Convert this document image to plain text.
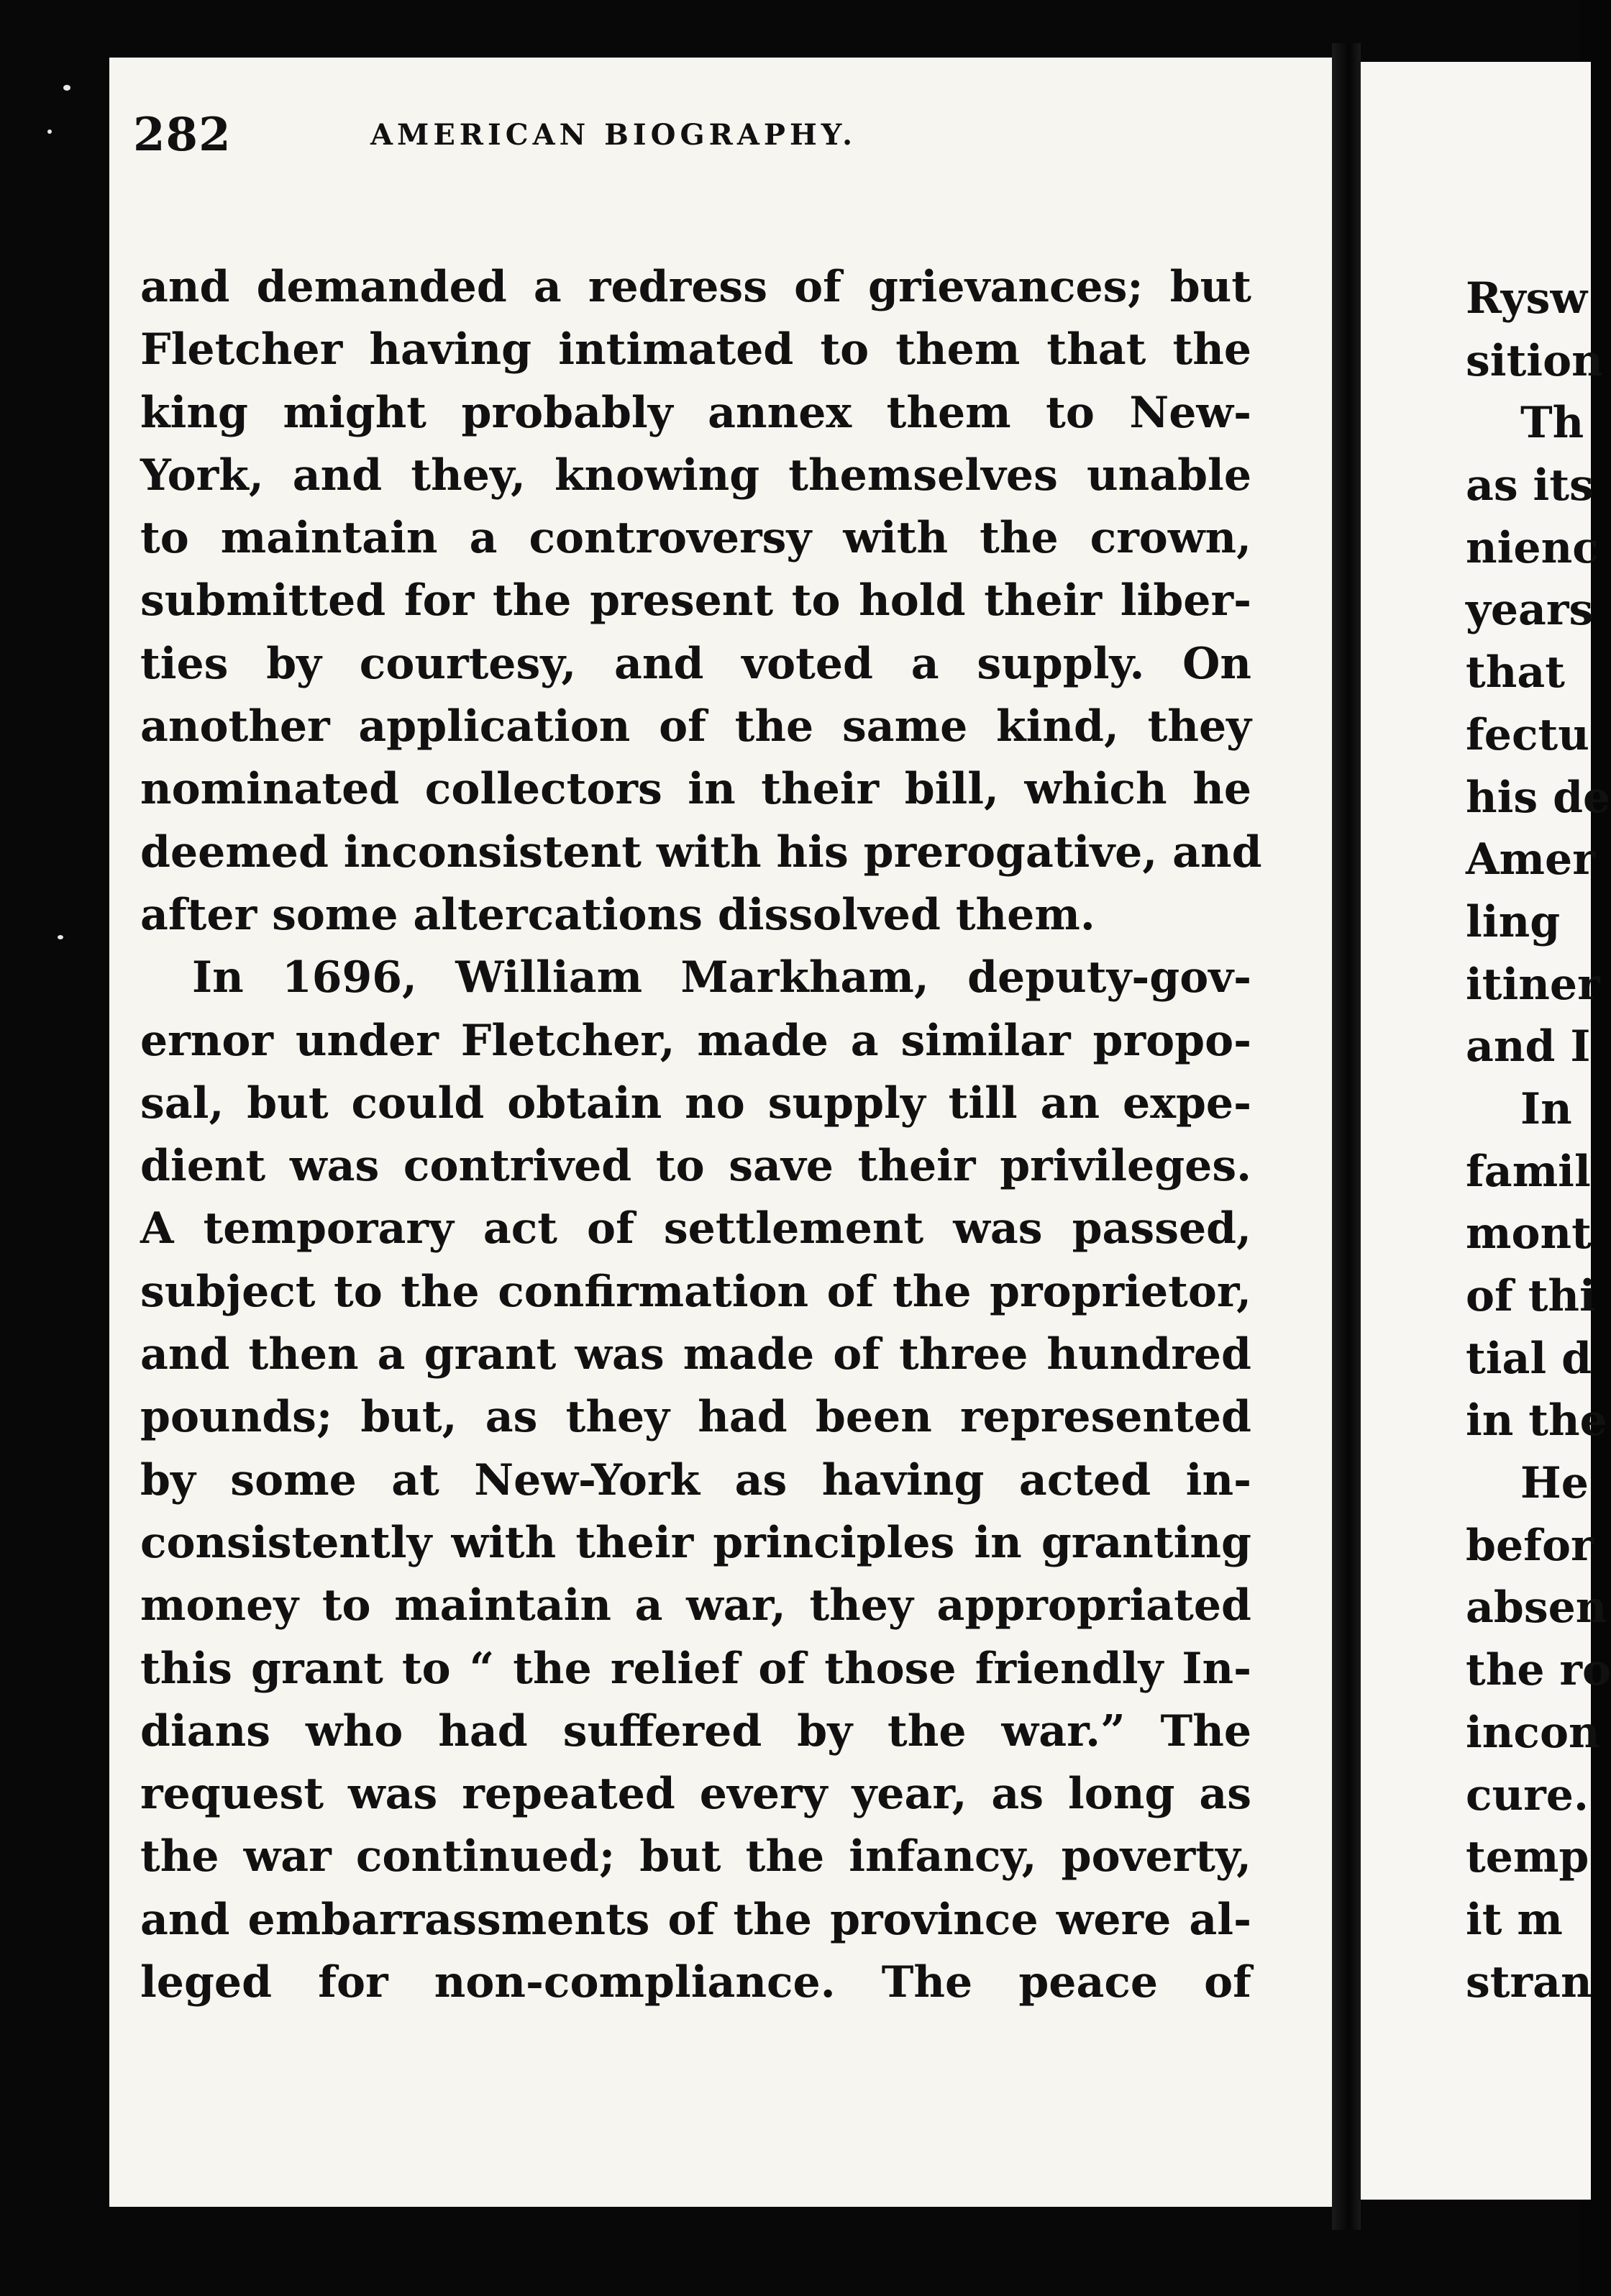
282	AMERICAN BIOGRAPHY.
and demanded a redress of grievances; but
Fletcher having intimated to them that the
king might probably annex them to New-
York, and they, knowing themselves unable
to maintain a controversy with the crown,
submitted for the present to hold their liber-
ties by courtesy, and voted a supply. On
another application of the same kind, they
nominated collectors in their bill, which he
deemed inconsistent with his prerogative, and
after some altercations dissolved them.
In 1696, William Markham, deputy-gov-
ernor under Fletcher, made a similar propo-
sal, but could obtain no supply till an expe-
dient was contrived to save their privileges.
A temporary act of settlement was passed,
subject to the confirmation of the proprietor,
and then a grant was made of three hundred
pounds; but, as they had been represented
by some at New-York as having acted in-
consistently with their principles in granting
money to maintain a war, they appropriated
this grant to “ the relief of those friendly In-
dians who had suffered by the war.” The
request was repeated every year, as long as
the war continued; but the infancy, poverty,
and embarrassments of the province were al-
leged for non-compliance. The peace of
Rysw
sition
Th
as its
nienc
years
that
fectu
his de
Amer
ling
itiner
and I
In
famil
mont
of thi
tial d
in the
He
befor
absen
the ro
incon
cure.
temp
it m
stran
